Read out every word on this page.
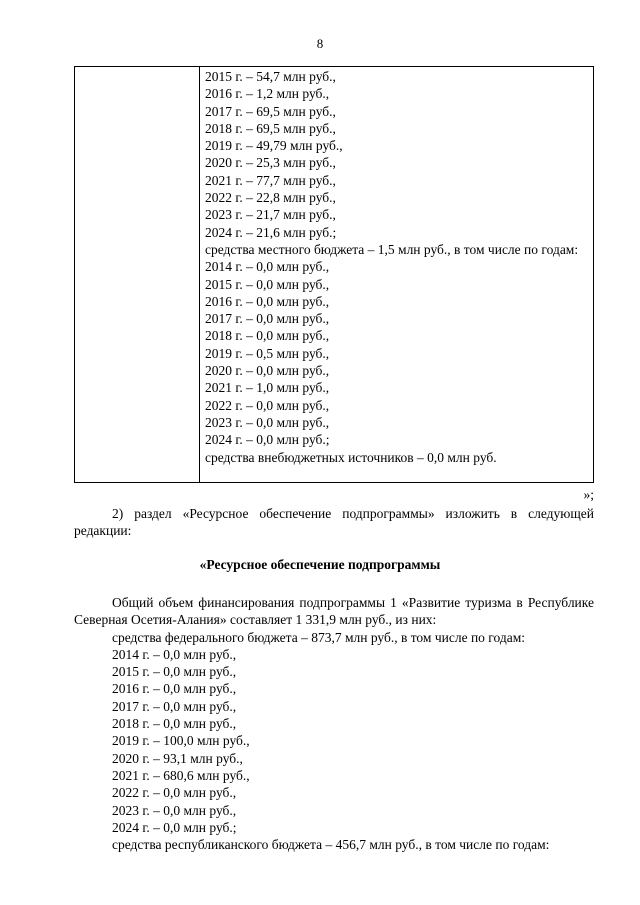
8
2015 г. – 54,7 млн руб.,
2016 г. – 1,2 млн руб.,
2017 г. – 69,5 млн руб.,
2018 г. – 69,5 млн руб.,
2019 г. – 49,79 млн руб.,
2020 г. – 25,3 млн руб.,
2021 г. – 77,7 млн руб.,
2022 г. – 22,8 млн руб.,
2023 г. – 21,7 млн руб.,
2024 г. – 21,6 млн руб.;
средства местного бюджета – 1,5 млн руб., в том числе по годам:
2014 г. – 0,0 млн руб.,
2015 г. – 0,0 млн руб.,
2016 г. – 0,0 млн руб.,
2017 г. – 0,0 млн руб.,
2018 г. – 0,0 млн руб.,
2019 г. – 0,5 млн руб.,
2020 г. – 0,0 млн руб.,
2021 г. – 1,0 млн руб.,
2022 г. – 0,0 млн руб.,
2023 г. – 0,0 млн руб.,
2024 г. – 0,0 млн руб.;
средства внебюджетных источников – 0,0 млн руб.
»;
2) раздел «Ресурсное обеспечение подпрограммы» изложить в следующей редакции:
«Ресурсное обеспечение подпрограммы
Общий объем финансирования подпрограммы 1 «Развитие туризма в Республике Северная Осетия-Алания» составляет 1 331,9 млн руб., из них:
средства федерального бюджета – 873,7 млн руб., в том числе по годам:
2014 г. – 0,0 млн руб.,
2015 г. – 0,0 млн руб.,
2016 г. – 0,0 млн руб.,
2017 г. – 0,0 млн руб.,
2018 г. – 0,0 млн руб.,
2019 г. – 100,0 млн руб.,
2020 г. – 93,1 млн руб.,
2021 г. – 680,6 млн руб.,
2022 г. – 0,0 млн руб.,
2023 г. – 0,0 млн руб.,
2024 г. – 0,0 млн руб.;
средства республиканского бюджета – 456,7 млн руб., в том числе по годам:
